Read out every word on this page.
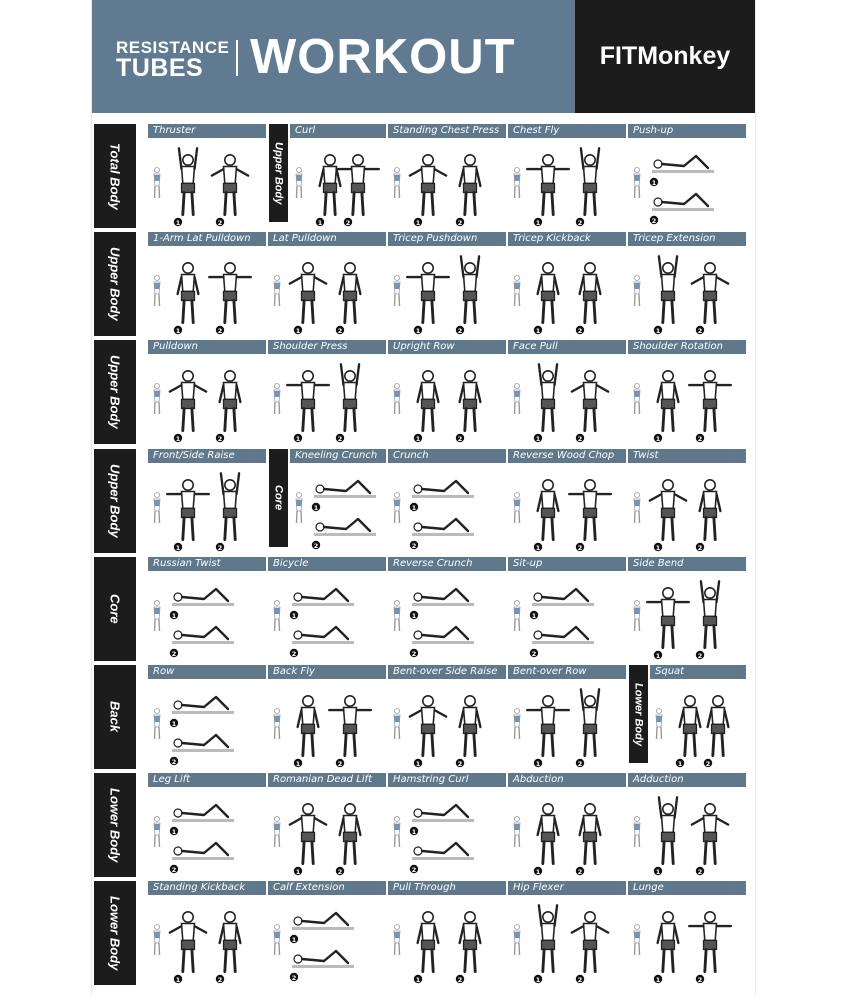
RESISTANCE
TUBES WORKOUT	FITMonkey
Total Body
Thruster
1	2
Curl
1	2
Upper Body
Standing Chest Press
1	2
Chest Fly
1	2
Push-up
1
2
Upper Body
1-Arm Lat Pulldown
1	2
Lat Pulldown
1	2
Tricep Pushdown
1	2
Tricep Kickback
1	2
Tricep Extension
1	2
Upper Body
Pulldown
1	2
Shoulder Press
1	2
Upright Row
1	2
Face Pull
1	2
Shoulder Rotation
1	2
Upper Body
Front/Side Raise
1	2
Kneeling Crunch
1
2
Core
Crunch
1
2
Reverse Wood Chop
1	2
Twist
1	2
Core
Russian Twist
1
2
Bicycle
1
2
Reverse Crunch
1
2
Sit-up
1
2
Side Bend
1	2
Back
Row
1
2
Back Fly
1	2
Bent-over Side Raise
1	2
Bent-over Row
1	2
Squat
1	2
Lower Body
Lower Body
Leg Lift
1
2
Romanian Dead Lift
1	2
Hamstring Curl
1
2
Abduction
1	2
Adduction
1	2
Lower Body
Standing Kickback
1	2
Calf Extension
1
2
Pull Through
1	2
Hip Flexer
1	2
Lunge
1	2
